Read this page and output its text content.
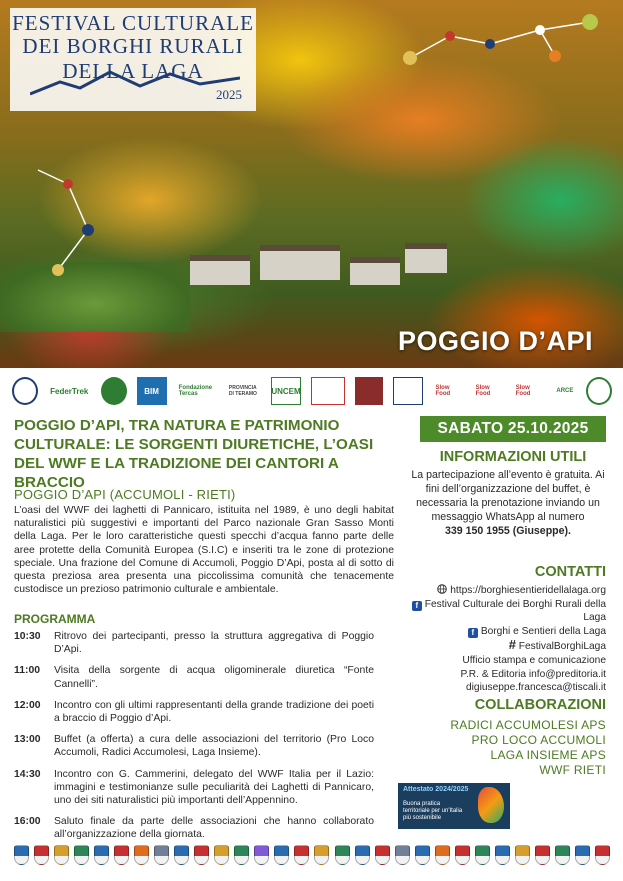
FESTIVAL CULTURALE
DEI BORGHI RURALI
DELLA LAGA
2025
POGGIO D’API
FederTrek	BIM	Fondazione Tercas
PROVINCIA DI TERAMO	UNCEM	Slow Food
Slow Food
Slow Food	ARCE
POGGIO D’API, TRA NATURA E PATRIMONIO CULTURALE: LE SORGENTI DIURETICHE, L’OASI DEL WWF E LA TRADIZIONE DEI CANTORI A BRACCIO
POGGIO D’API (ACCUMOLI - RIETI)
L’oasi del WWF dei laghetti di Pannicaro, istituita nel 1989, è uno degli habitat naturalistici più suggestivi e importanti del Parco nazionale Gran Sasso Monti della Laga. Per le loro caratteristiche questi specchi d’acqua fanno parte delle aree protette della Comunità Europea (S.I.C) e inseriti tra le zone di protezione speciale. Una frazione del Comune di Accumoli, Poggio D’Api, posta al di sotto di questa preziosa area presenta una piccolissima comunità che tenacemente custodisce un prezioso patrimonio culturale e ambientale.
PROGRAMMA
10:30	Ritrovo dei partecipanti, presso la struttura aggregativa di Poggio D’Api.
11:00	Visita della sorgente di acqua oligominerale diuretica “Fonte Cannelli”.
12:00	Incontro con gli ultimi rappresentanti della grande tradizione dei poeti a braccio di Poggio d’Api.
13:00	Buffet (a offerta) a cura delle associazioni del territorio (Pro Loco Accumoli, Radici Accumolesi, Laga Insieme).
14:30	Incontro con G. Cammerini, delegato del WWF Italia per il Lazio: immagini e testimonianze sulle peculiarità dei Laghetti di Pannicaro, uno dei siti naturalistici più importanti dell’Appennino.
16:00	Saluto finale da parte delle associazioni che hanno collaborato all’organizzazione della giornata.
SABATO 25.10.2025
INFORMAZIONI UTILI
La partecipazione all’evento è gratuita. Ai fini dell’organizzazione del buffet, è necessaria la prenotazione inviando un messaggio WhatsApp al numero
339 150 1955 (Giuseppe).
CONTATTI
https://borghiesentieridellalaga.org
f Festival Culturale dei Borghi Rurali della Laga
f Borghi e Sentieri della Laga
# FestivalBorghiLaga
Ufficio stampa e comunicazione
P.R. & Editoria info@preditoria.it
digiuseppe.francesca@tiscali.it
COLLABORAZIONI
RADICI ACCUMOLESI APS
PRO LOCO ACCUMOLI
LAGA INSIEME APS
WWF RIETI
Attestato 2024/2025
Buona pratica territoriale per un'Italia più sostenibile
